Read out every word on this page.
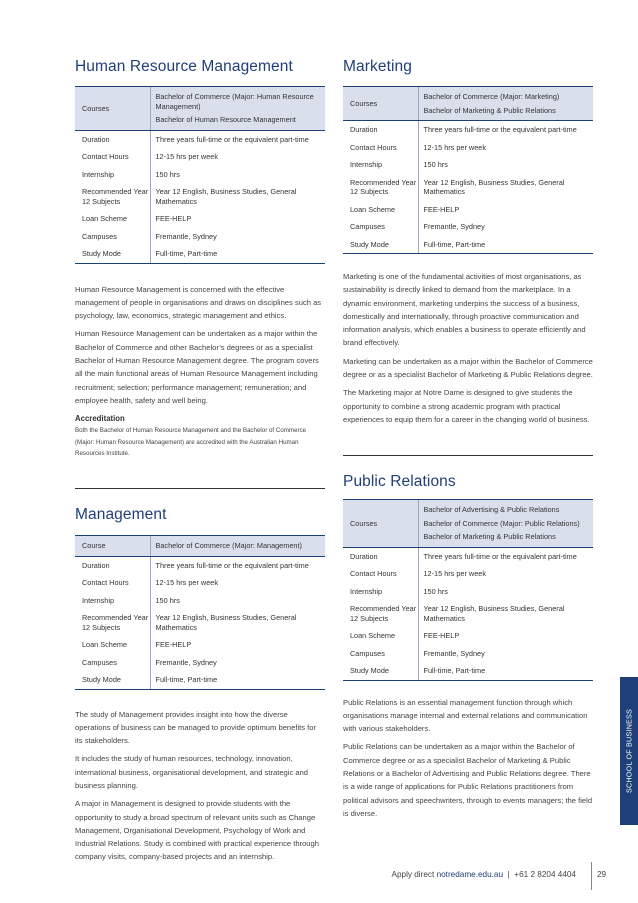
Human Resource Management
Courses	Bachelor of Commerce (Major: Human Resource Management)
Bachelor of Human Resource Management

Duration	Three years full-time or the equivalent part-time

Contact Hours	12-15 hrs per week

Internship	150 hrs

Recommended Year 12 Subjects	Year 12 English, Business Studies, General Mathematics

Loan Scheme	FEE-HELP

Campuses	Fremantle, Sydney

Study Mode	Full-time, Part-time

Human Resource Management is concerned with the effective management of people in organisations and draws on disciplines such as psychology, law, economics, strategic management and ethics.

Human Resource Management can be undertaken as a major within the Bachelor of Commerce and other Bachelor’s degrees or as a specialist Bachelor of Human Resource Management degree. The program covers all the main functional areas of Human Resource Management including recruitment; selection; performance management; remuneration; and employee health, safety and well being.

Accreditation
Both the Bachelor of Human Resource Management and the Bachelor of Commerce (Major: Human Resource Management) are accredited with the Australian Human Resources Institute.
Management
Course	Bachelor of Commerce (Major: Management)

Duration	Three years full-time or the equivalent part-time

Contact Hours	12-15 hrs per week

Internship	150 hrs

Recommended Year 12 Subjects	Year 12 English, Business Studies, General Mathematics

Loan Scheme	FEE-HELP

Campuses	Fremantle, Sydney

Study Mode	Full-time, Part-time

The study of Management provides insight into how the diverse operations of business can be managed to provide optimum benefits for its stakeholders.

It includes the study of human resources, technology, innovation, international business, organisational development, and strategic and business planning.

A major in Management is designed to provide students with the opportunity to study a broad spectrum of relevant units such as Change Management, Organisational Development, Psychology of Work and Industrial Relations. Study is combined with practical experience through company visits, company-based projects and an internship.

Marketing
Courses	Bachelor of Commerce (Major: Marketing)
Bachelor of Marketing & Public Relations

Duration	Three years full-time or the equivalent part-time

Contact Hours	12-15 hrs per week

Internship	150 hrs

Recommended Year 12 Subjects	Year 12 English, Business Studies, General Mathematics

Loan Scheme	FEE-HELP

Campuses	Fremantle, Sydney

Study Mode	Full-time, Part-time

Marketing is one of the fundamental activities of most organisations, as sustainability is directly linked to demand from the marketplace. In a dynamic environment, marketing underpins the success of a business, domestically and internationally, through proactive communication and information analysis, which enables a business to operate efficiently and brand effectively.

Marketing can be undertaken as a major within the Bachelor of Commerce degree or as a specialist Bachelor of Marketing & Public Relations degree.

The Marketing major at Notre Dame is designed to give students the opportunity to combine a strong academic program with practical experiences to equip them for a career in the changing world of business.

Public Relations
Courses	Bachelor of Advertising & Public Relations
Bachelor of Commerce (Major: Public Relations)
Bachelor of Marketing & Public Relations

Duration	Three years full-time or the equivalent part-time

Contact Hours	12-15 hrs per week

Internship	150 hrs

Recommended Year 12 Subjects	Year 12 English, Business Studies, General Mathematics

Loan Scheme	FEE-HELP

Campuses	Fremantle, Sydney

Study Mode	Full-time, Part-time

Public Relations is an essential management function through which organisations manage internal and external relations and communication with various stakeholders.

Public Relations can be undertaken as a major within the Bachelor of Commerce degree or as a specialist Bachelor of Marketing & Public Relations or a Bachelor of Advertising and Public Relations degree. There is a wide range of applications for Public Relations practitioners from political advisors and speechwriters, through to events managers; the field is diverse.

SCHOOL OF BUSINESS
Apply direct notredame.edu.au | +61 2 8204 4404	29
